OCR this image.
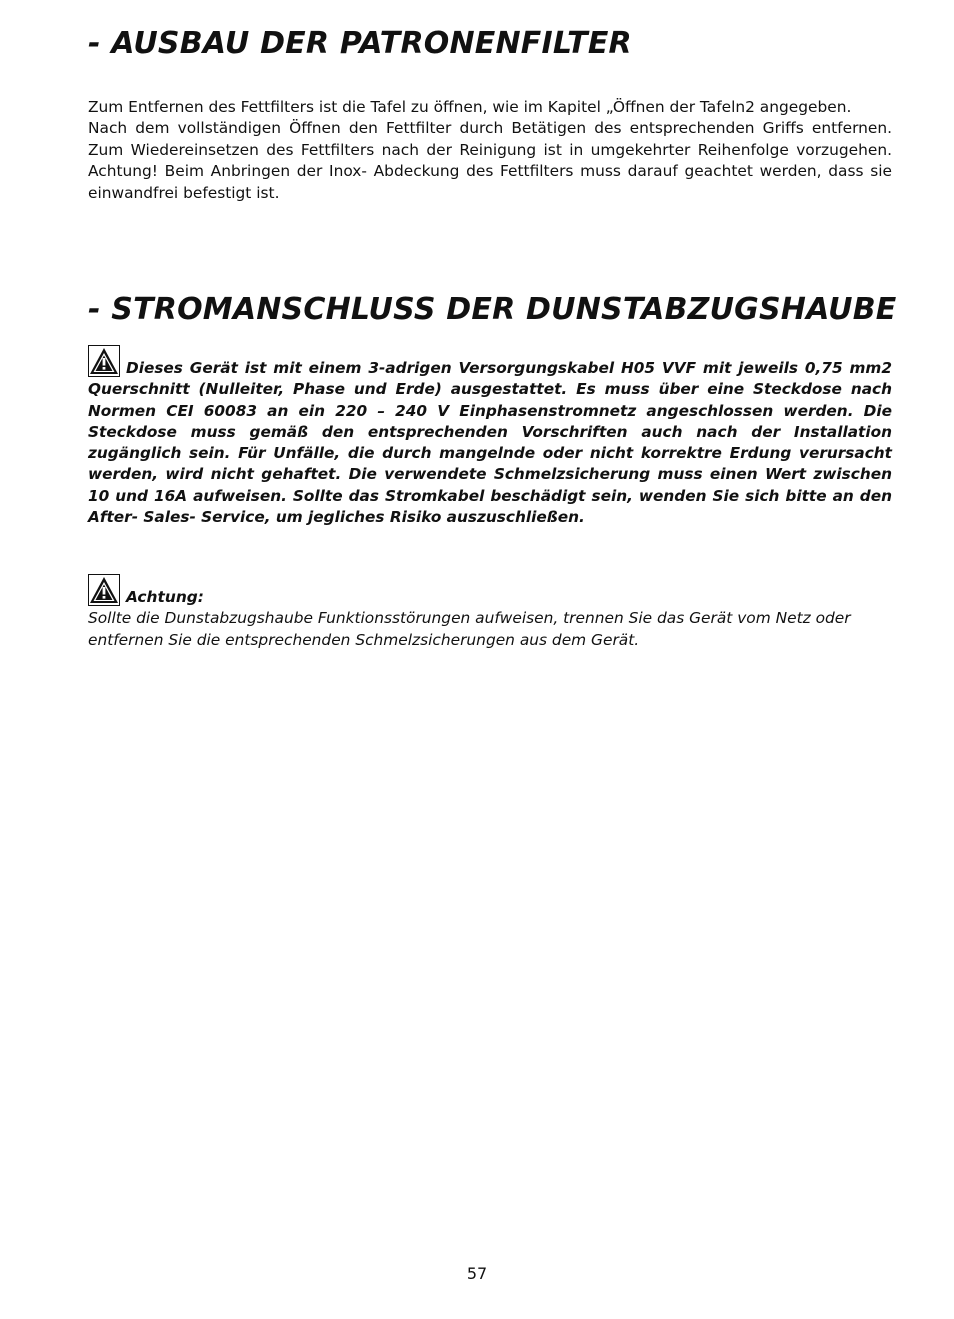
- AUSBAU DER PATRONENFILTER

Zum Entfernen des Fettfilters ist die Tafel zu öffnen, wie im Kapitel „Öffnen der Tafeln2 angegeben.

Nach dem vollständigen Öffnen den Fettfilter durch Betätigen des entsprechenden Griffs entfernen. Zum Wiedereinsetzen des Fettfilters nach der Reinigung ist in umgekehrter Reihenfolge vorzugehen. Achtung! Beim Anbringen der Inox- Abdeckung des Fettfilters muss darauf geachtet werden, dass sie einwandfrei befestigt ist.

- STROMANSCHLUSS DER DUNSTABZUGSHAUBE
Dieses Gerät ist mit einem 3-adrigen Versorgungskabel H05 VVF mit jeweils 0,75 mm2 Querschnitt (Nulleiter, Phase und Erde) ausgestattet. Es muss über eine Steckdose nach Normen CEI 60083 an ein 220 – 240 V Einphasenstromnetz angeschlossen werden. Die Steckdose muss gemäß den entsprechenden Vorschriften auch nach der Installation zugänglich sein. Für Unfälle, die durch mangelnde oder nicht korrektre Erdung verursacht werden, wird nicht gehaftet. Die verwendete Schmelzsicherung muss einen Wert zwischen 10 und 16A aufweisen. Sollte das Stromkabel beschädigt sein, wenden Sie sich bitte an den After- Sales- Service, um jegliches Risiko auszuschließen.
Achtung:
Sollte die Dunstabzugshaube Funktionsstörungen aufweisen, trennen Sie das Gerät vom Netz oder entfernen Sie die entsprechenden Schmelzsicherungen aus dem Gerät.
57
